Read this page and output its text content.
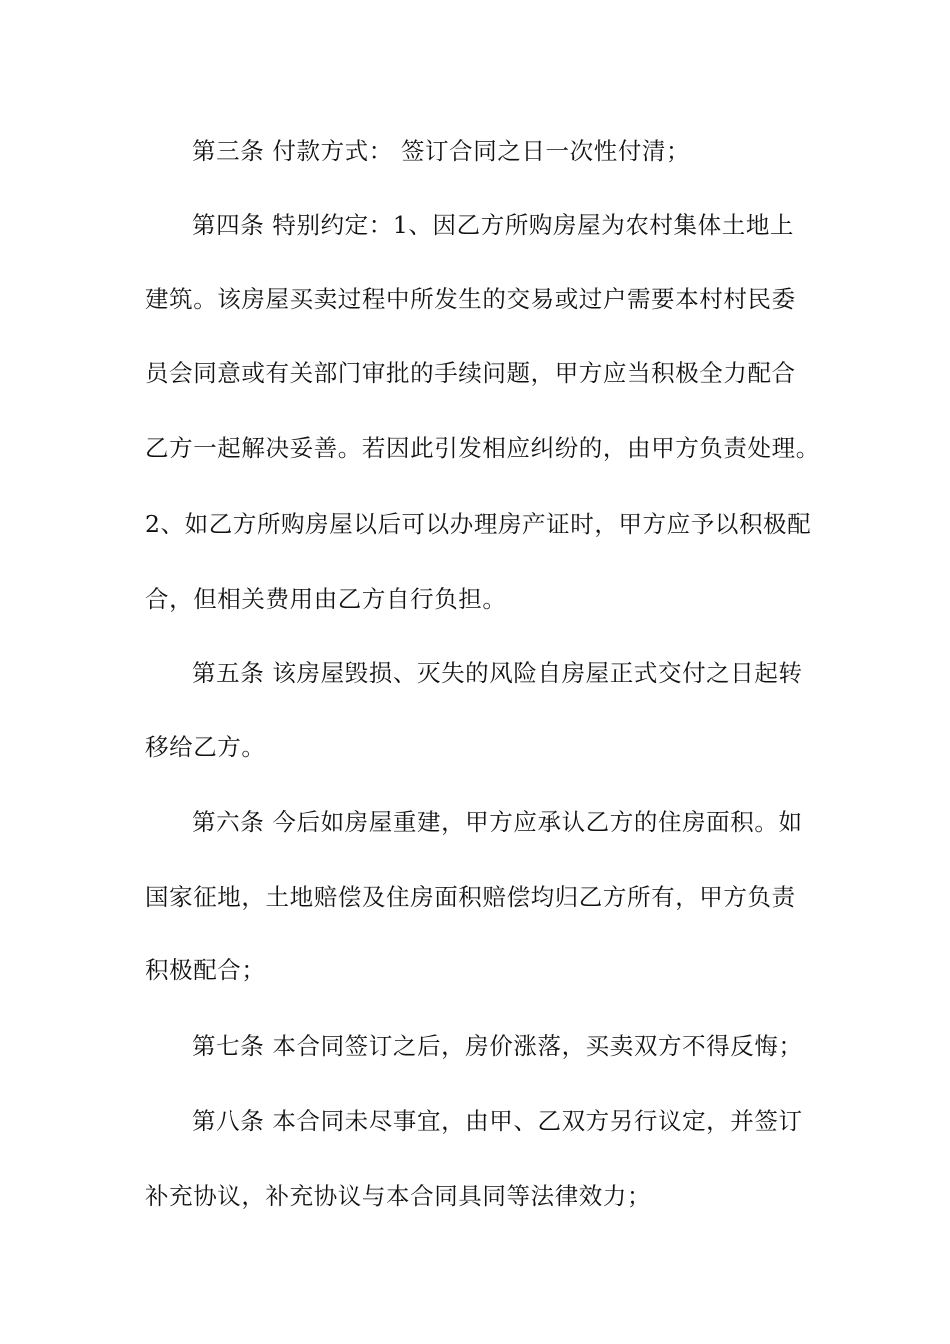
第三条 付款方式： 签订合同之日一次性付清；
第四条 特别约定：1、因乙方所购房屋为农村集体土地上
建筑。该房屋买卖过程中所发生的交易或过户需要本村村民委
员会同意或有关部门审批的手续问题，甲方应当积极全力配合
乙方一起解决妥善。若因此引发相应纠纷的，由甲方负责处理。
2、如乙方所购房屋以后可以办理房产证时，甲方应予以积极配
合，但相关费用由乙方自行负担。
第五条 该房屋毁损、灭失的风险自房屋正式交付之日起转
移给乙方。
第六条 今后如房屋重建，甲方应承认乙方的住房面积。如
国家征地，土地赔偿及住房面积赔偿均归乙方所有，甲方负责
积极配合；
第七条 本合同签订之后，房价涨落，买卖双方不得反悔；
第八条 本合同未尽事宜，由甲、乙双方另行议定，并签订
补充协议，补充协议与本合同具同等法律效力；
